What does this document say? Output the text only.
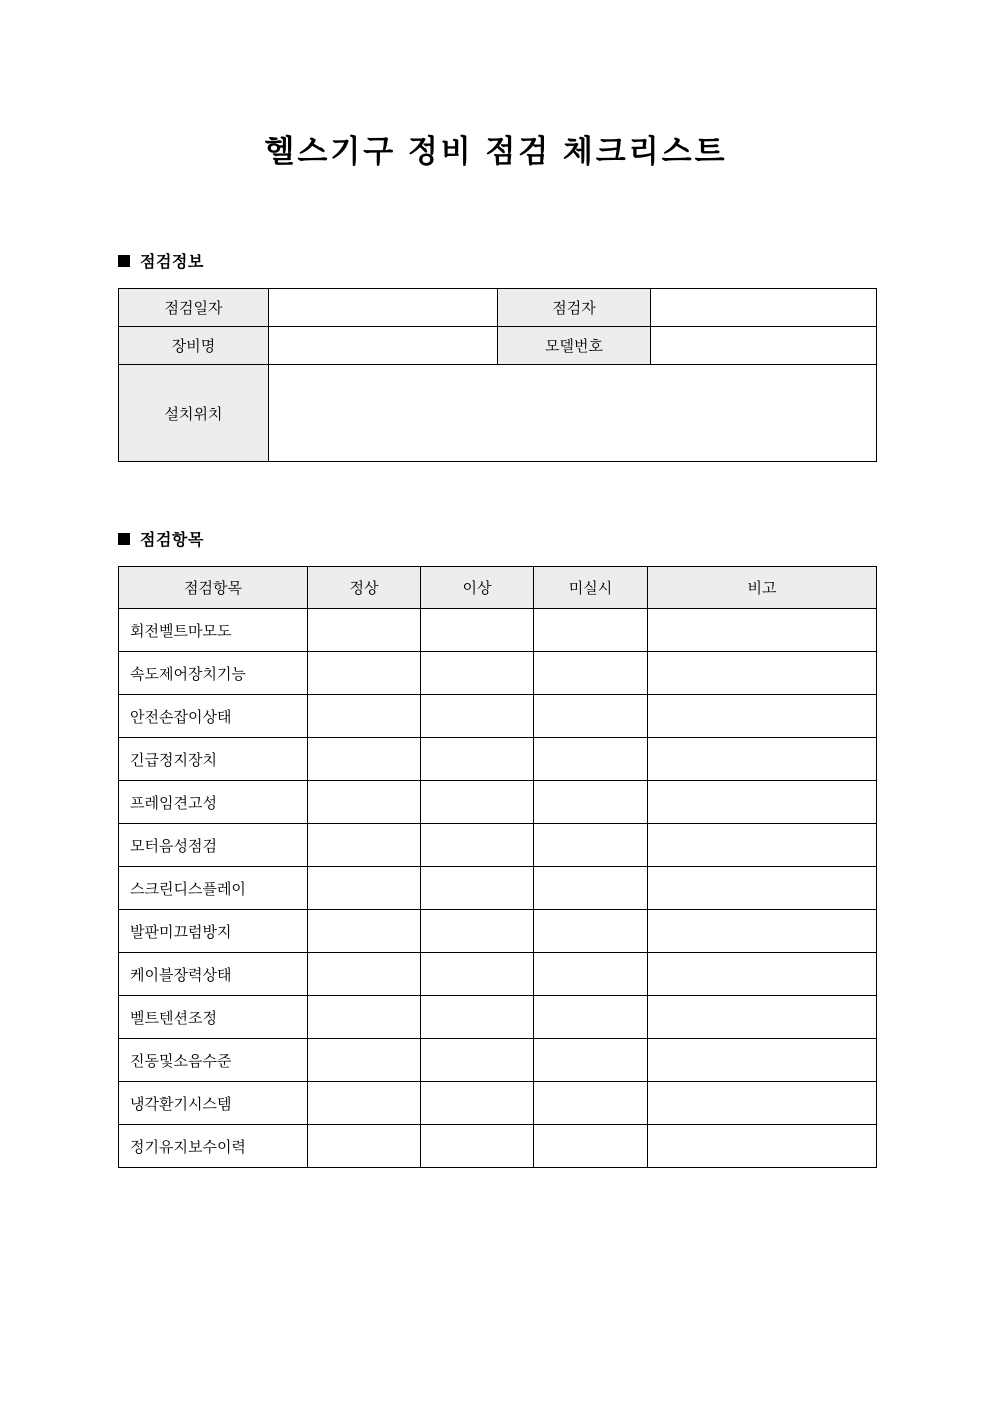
헬스기구 정비 점검 체크리스트
점검정보
점검일자		점검자	
장비명		모델번호	
설치위치			
점검항목
점검항목	정상	이상	미실시	비고
회전벨트마모도				
속도제어장치기능				
안전손잡이상태				
긴급정지장치				
프레임견고성				
모터음성점검				
스크린디스플레이				
발판미끄럼방지				
케이블장력상태				
벨트텐션조정				
진동및소음수준				
냉각환기시스템				
정기유지보수이력				
